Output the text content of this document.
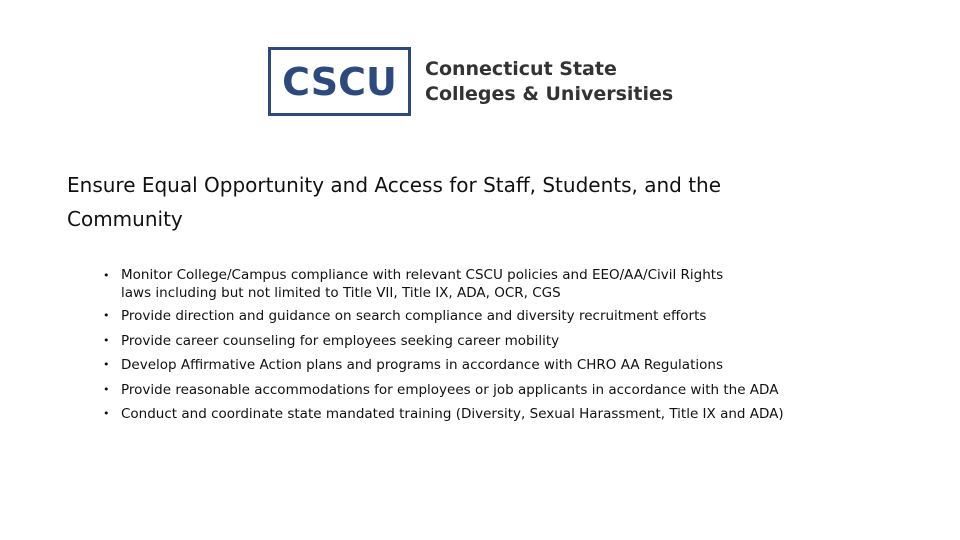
CSCU Connecticut State
Colleges & Universities
Ensure Equal Opportunity and Access for Staff, Students, and the Community
• Monitor College/Campus compliance with relevant CSCU policies and EEO/AA/Civil Rights
laws including but not limited to Title VII, Title IX, ADA, OCR, CGS
• Provide direction and guidance on search compliance and diversity recruitment efforts
• Provide career counseling for employees seeking career mobility
• Develop Affirmative Action plans and programs in accordance with CHRO AA Regulations
• Provide reasonable accommodations for employees or job applicants in accordance with the ADA
• Conduct and coordinate state mandated training (Diversity, Sexual Harassment, Title IX and ADA)
